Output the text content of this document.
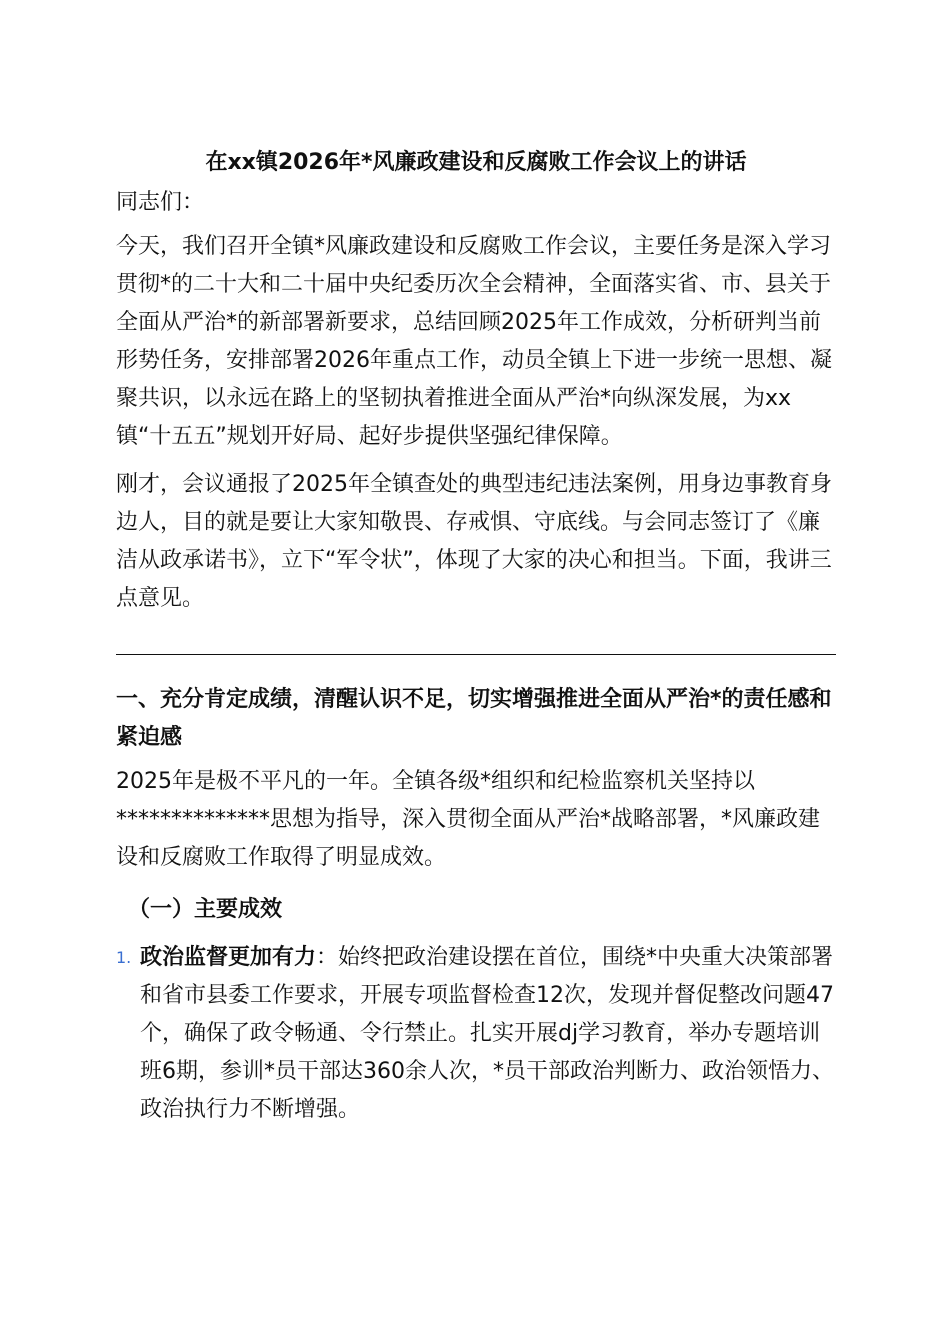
在xx镇2026年*风廉政建设和反腐败工作会议上的讲话

同志们：

今天，我们召开全镇*风廉政建设和反腐败工作会议，主要任务是深入学习贯彻*的二十大和二十届中央纪委历次全会精神，全面落实省、市、县关于全面从严治*的新部署新要求，总结回顾2025年工作成效，分析研判当前形势任务，安排部署2026年重点工作，动员全镇上下进一步统一思想、凝聚共识，以永远在路上的坚韧执着推进全面从严治*向纵深发展，为xx镇“十五五”规划开好局、起好步提供坚强纪律保障。

刚才，会议通报了2025年全镇查处的典型违纪违法案例，用身边事教育身边人，目的就是要让大家知敬畏、存戒惧、守底线。与会同志签订了《廉洁从政承诺书》，立下“军令状”，体现了大家的决心和担当。下面，我讲三点意见。

一、充分肯定成绩，清醒认识不足，切实增强推进全面从严治*的责任感和紧迫感

2025年是极不平凡的一年。全镇各级*组织和纪检监察机关坚持以**************思想为指导，深入贯彻全面从严治*战略部署，*风廉政建设和反腐败工作取得了明显成效。

（一）主要成效
1. 政治监督更加有力：始终把政治建设摆在首位，围绕*中央重大决策部署和省市县委工作要求，开展专项监督检查12次，发现并督促整改问题47个，确保了政令畅通、令行禁止。扎实开展dj学习教育，举办专题培训班6期，参训*员干部达360余人次，*员干部政治判断力、政治领悟力、政治执行力不断增强。
